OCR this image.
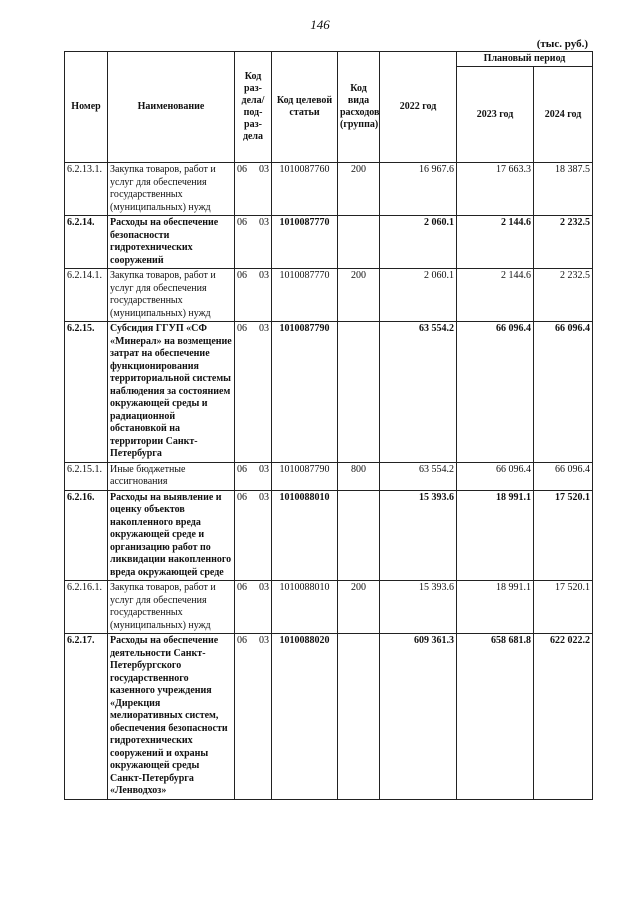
146
(тыс. руб.)
Номер	Наименование	Код раз- дела/ под- раз- дела	Код целевой статьи	Код вида расходов (группа)	2022 год	Плановый период	
						2023 год	2024 год
6.2.13.1.	Закупка товаров, работ и услуг для обеспечения государственных (муниципальных) нужд	06 03	1010087760	200	16 967.6	17 663.3	18 387.5
6.2.14.	Расходы на обеспечение безопасности гидротехнических сооружений	06 03	1010087770		2 060.1	2 144.6	2 232.5
6.2.14.1.	Закупка товаров, работ и услуг для обеспечения государственных (муниципальных) нужд	06 03	1010087770	200	2 060.1	2 144.6	2 232.5
6.2.15.	Субсидия ГГУП «СФ «Минерал» на возмещение затрат на обеспечение функционирования территориальной системы наблюдения за состоянием окружающей среды и радиационной обстановкой на территории Санкт-Петербурга	06 03	1010087790		63 554.2	66 096.4	66 096.4
6.2.15.1.	Иные бюджетные ассигнования	06 03	1010087790	800	63 554.2	66 096.4	66 096.4
6.2.16.	Расходы на выявление и оценку объектов накопленного вреда окружающей среде и организацию работ по ликвидации накопленного вреда окружающей среде	06 03	1010088010		15 393.6	18 991.1	17 520.1
6.2.16.1.	Закупка товаров, работ и услуг для обеспечения государственных (муниципальных) нужд	06 03	1010088010	200	15 393.6	18 991.1	17 520.1
6.2.17.	Расходы на обеспечение деятельности Санкт-Петербургского государственного казенного учреждения «Дирекция мелиоративных систем, обеспечения безопасности гидротехнических сооружений и охраны окружающей среды Санкт-Петербурга «Ленводхоз»	06 03	1010088020		609 361.3	658 681.8	622 022.2
